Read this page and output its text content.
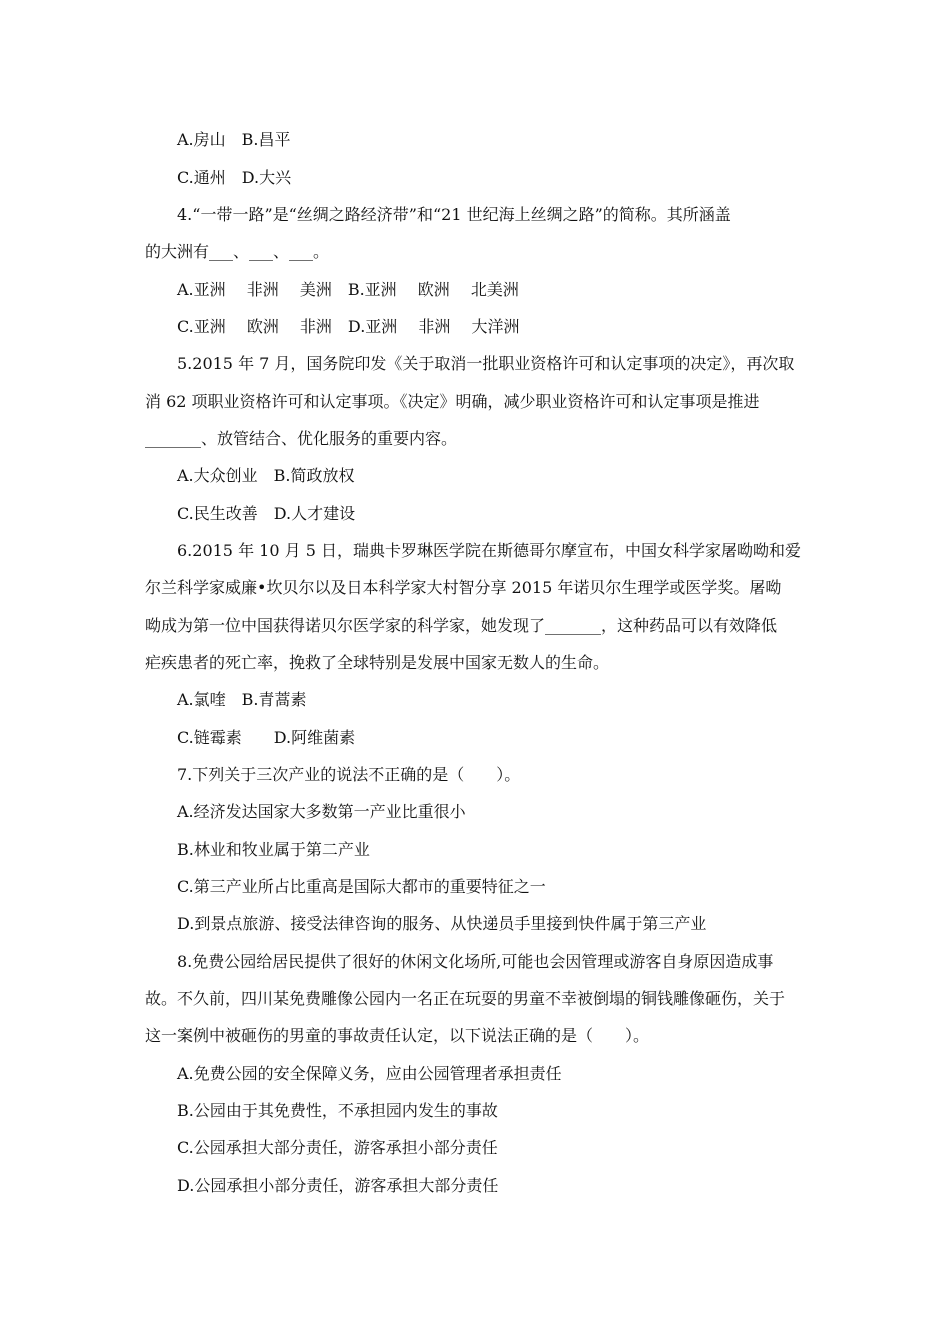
A.房山　B.昌平
C.通州　D.大兴
4.“一带一路”是“丝绸之路经济带”和“21 世纪海上丝绸之路”的简称。其所涵盖
的大洲有___、___、___。
A.亚洲　 非洲　 美洲　B.亚洲　 欧洲　 北美洲
C.亚洲　 欧洲　 非洲　D.亚洲　 非洲　 大洋洲
5.2015 年 7 月，国务院印发《关于取消一批职业资格许可和认定事项的决定》，再次取
消 62 项职业资格许可和认定事项。《决定》明确，减少职业资格许可和认定事项是推进
_______、放管结合、优化服务的重要内容。
A.大众创业　B.简政放权
C.民生改善　D.人才建设
6.2015 年 10 月 5 日，瑞典卡罗琳医学院在斯德哥尔摩宣布，中国女科学家屠呦呦和爱
尔兰科学家威廉•坎贝尔以及日本科学家大村智分享 2015 年诺贝尔生理学或医学奖。屠呦
呦成为第一位中国获得诺贝尔医学家的科学家，她发现了_______，这种药品可以有效降低
疟疾患者的死亡率，挽救了全球特别是发展中国家无数人的生命。
A.氯喹　B.青蒿素
C.链霉素　　D.阿维菌素
7.下列关于三次产业的说法不正确的是（　　）。
A.经济发达国家大多数第一产业比重很小
B.林业和牧业属于第二产业
C.第三产业所占比重高是国际大都市的重要特征之一
D.到景点旅游、接受法律咨询的服务、从快递员手里接到快件属于第三产业
8.免费公园给居民提供了很好的休闲文化场所,可能也会因管理或游客自身原因造成事
故。不久前，四川某免费雕像公园内一名正在玩耍的男童不幸被倒塌的铜钱雕像砸伤，关于
这一案例中被砸伤的男童的事故责任认定，以下说法正确的是（　　）。
A.免费公园的安全保障义务，应由公园管理者承担责任
B.公园由于其免费性，不承担园内发生的事故
C.公园承担大部分责任，游客承担小部分责任
D.公园承担小部分责任，游客承担大部分责任
